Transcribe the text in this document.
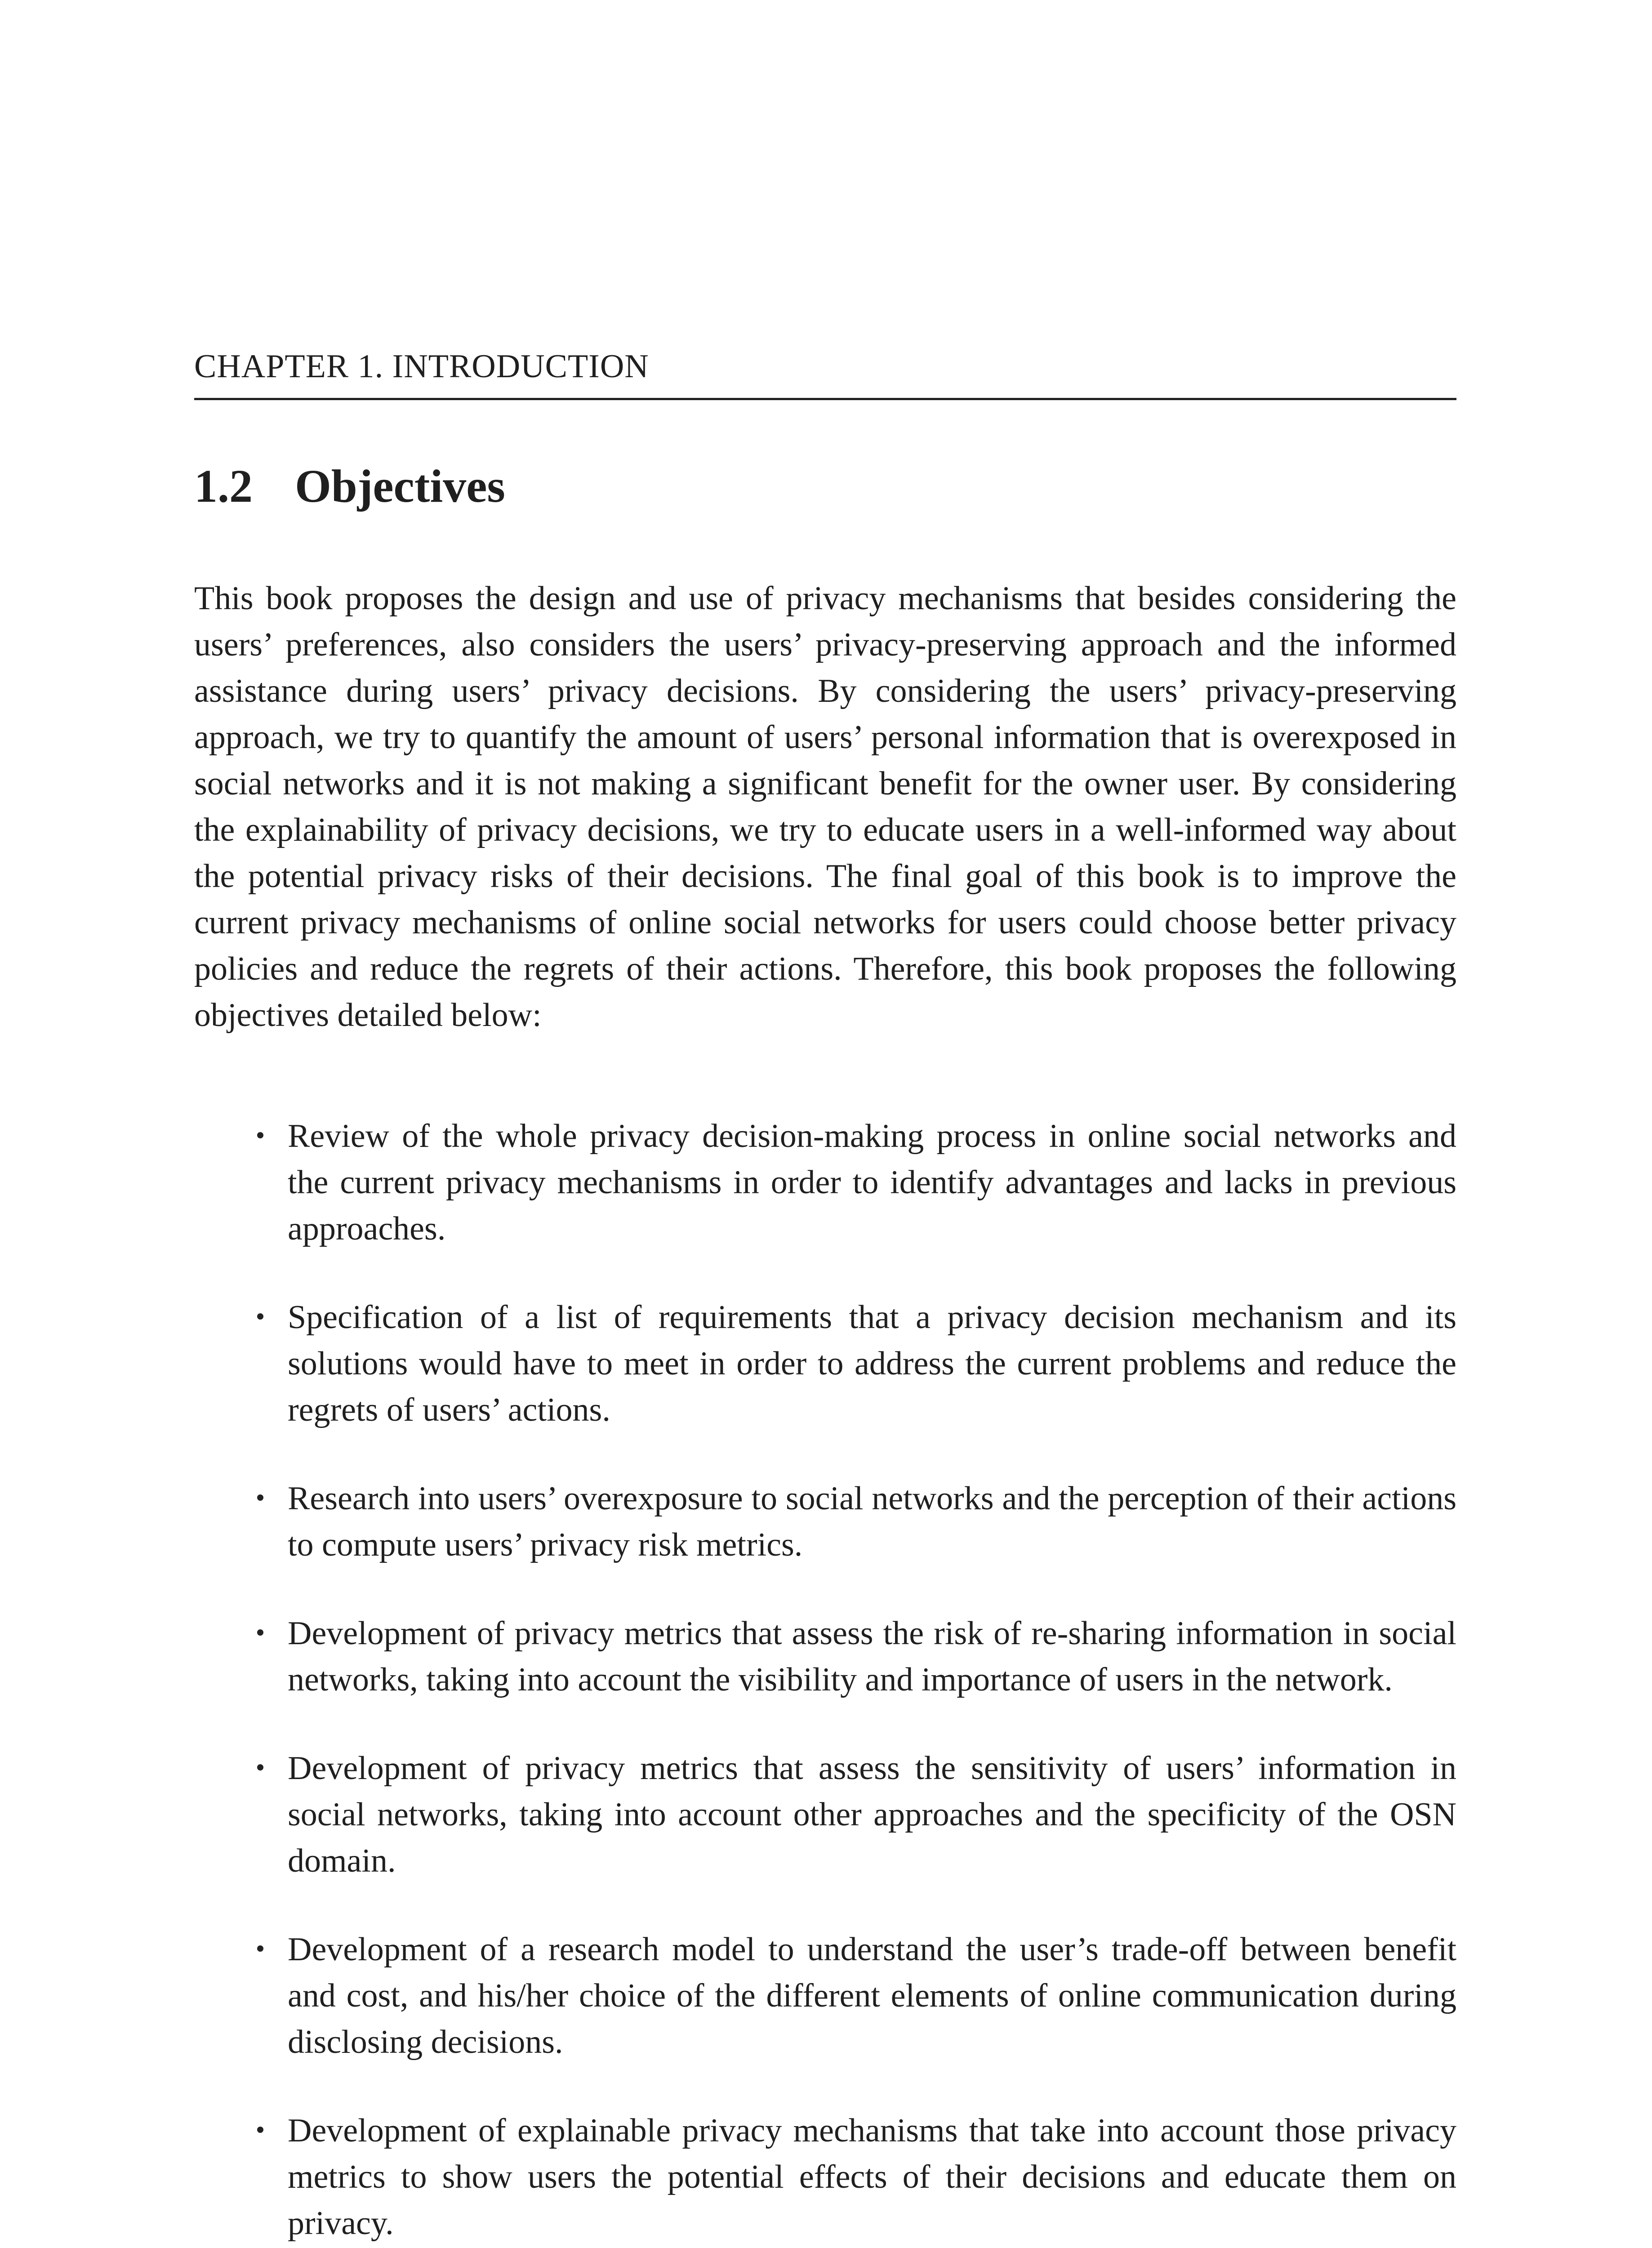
CHAPTER 1. INTRODUCTION
1.2 Objectives

This book proposes the design and use of privacy mechanisms that besides considering the users’ preferences, also considers the users’ privacy-preserving approach and the informed assistance during users’ privacy decisions. By considering the users’ privacy-preserving approach, we try to quantify the amount of users’ personal information that is overexposed in social networks and it is not making a significant benefit for the owner user. By considering the explainability of privacy decisions, we try to educate users in a well-informed way about the potential privacy risks of their decisions. The final goal of this book is to improve the current privacy mechanisms of online social networks for users could choose better privacy policies and reduce the regrets of their actions. Therefore, this book proposes the following objectives detailed below:

Review of the whole privacy decision-making process in online social networks and the current privacy mechanisms in order to identify advantages and lacks in previous approaches.
Specification of a list of requirements that a privacy decision mechanism and its solutions would have to meet in order to address the current problems and reduce the regrets of users’ actions.
Research into users’ overexposure to social networks and the perception of their actions to compute users’ privacy risk metrics.
Development of privacy metrics that assess the risk of re-sharing information in social networks, taking into account the visibility and importance of users in the network.
Development of privacy metrics that assess the sensitivity of users’ information in social networks, taking into account other approaches and the specificity of the OSN domain.
Development of a research model to understand the user’s trade-off between benefit and cost, and his/her choice of the different elements of online communication during disclosing decisions.
Development of explainable privacy mechanisms that take into account those privacy metrics to show users the potential effects of their decisions and educate them on privacy.
